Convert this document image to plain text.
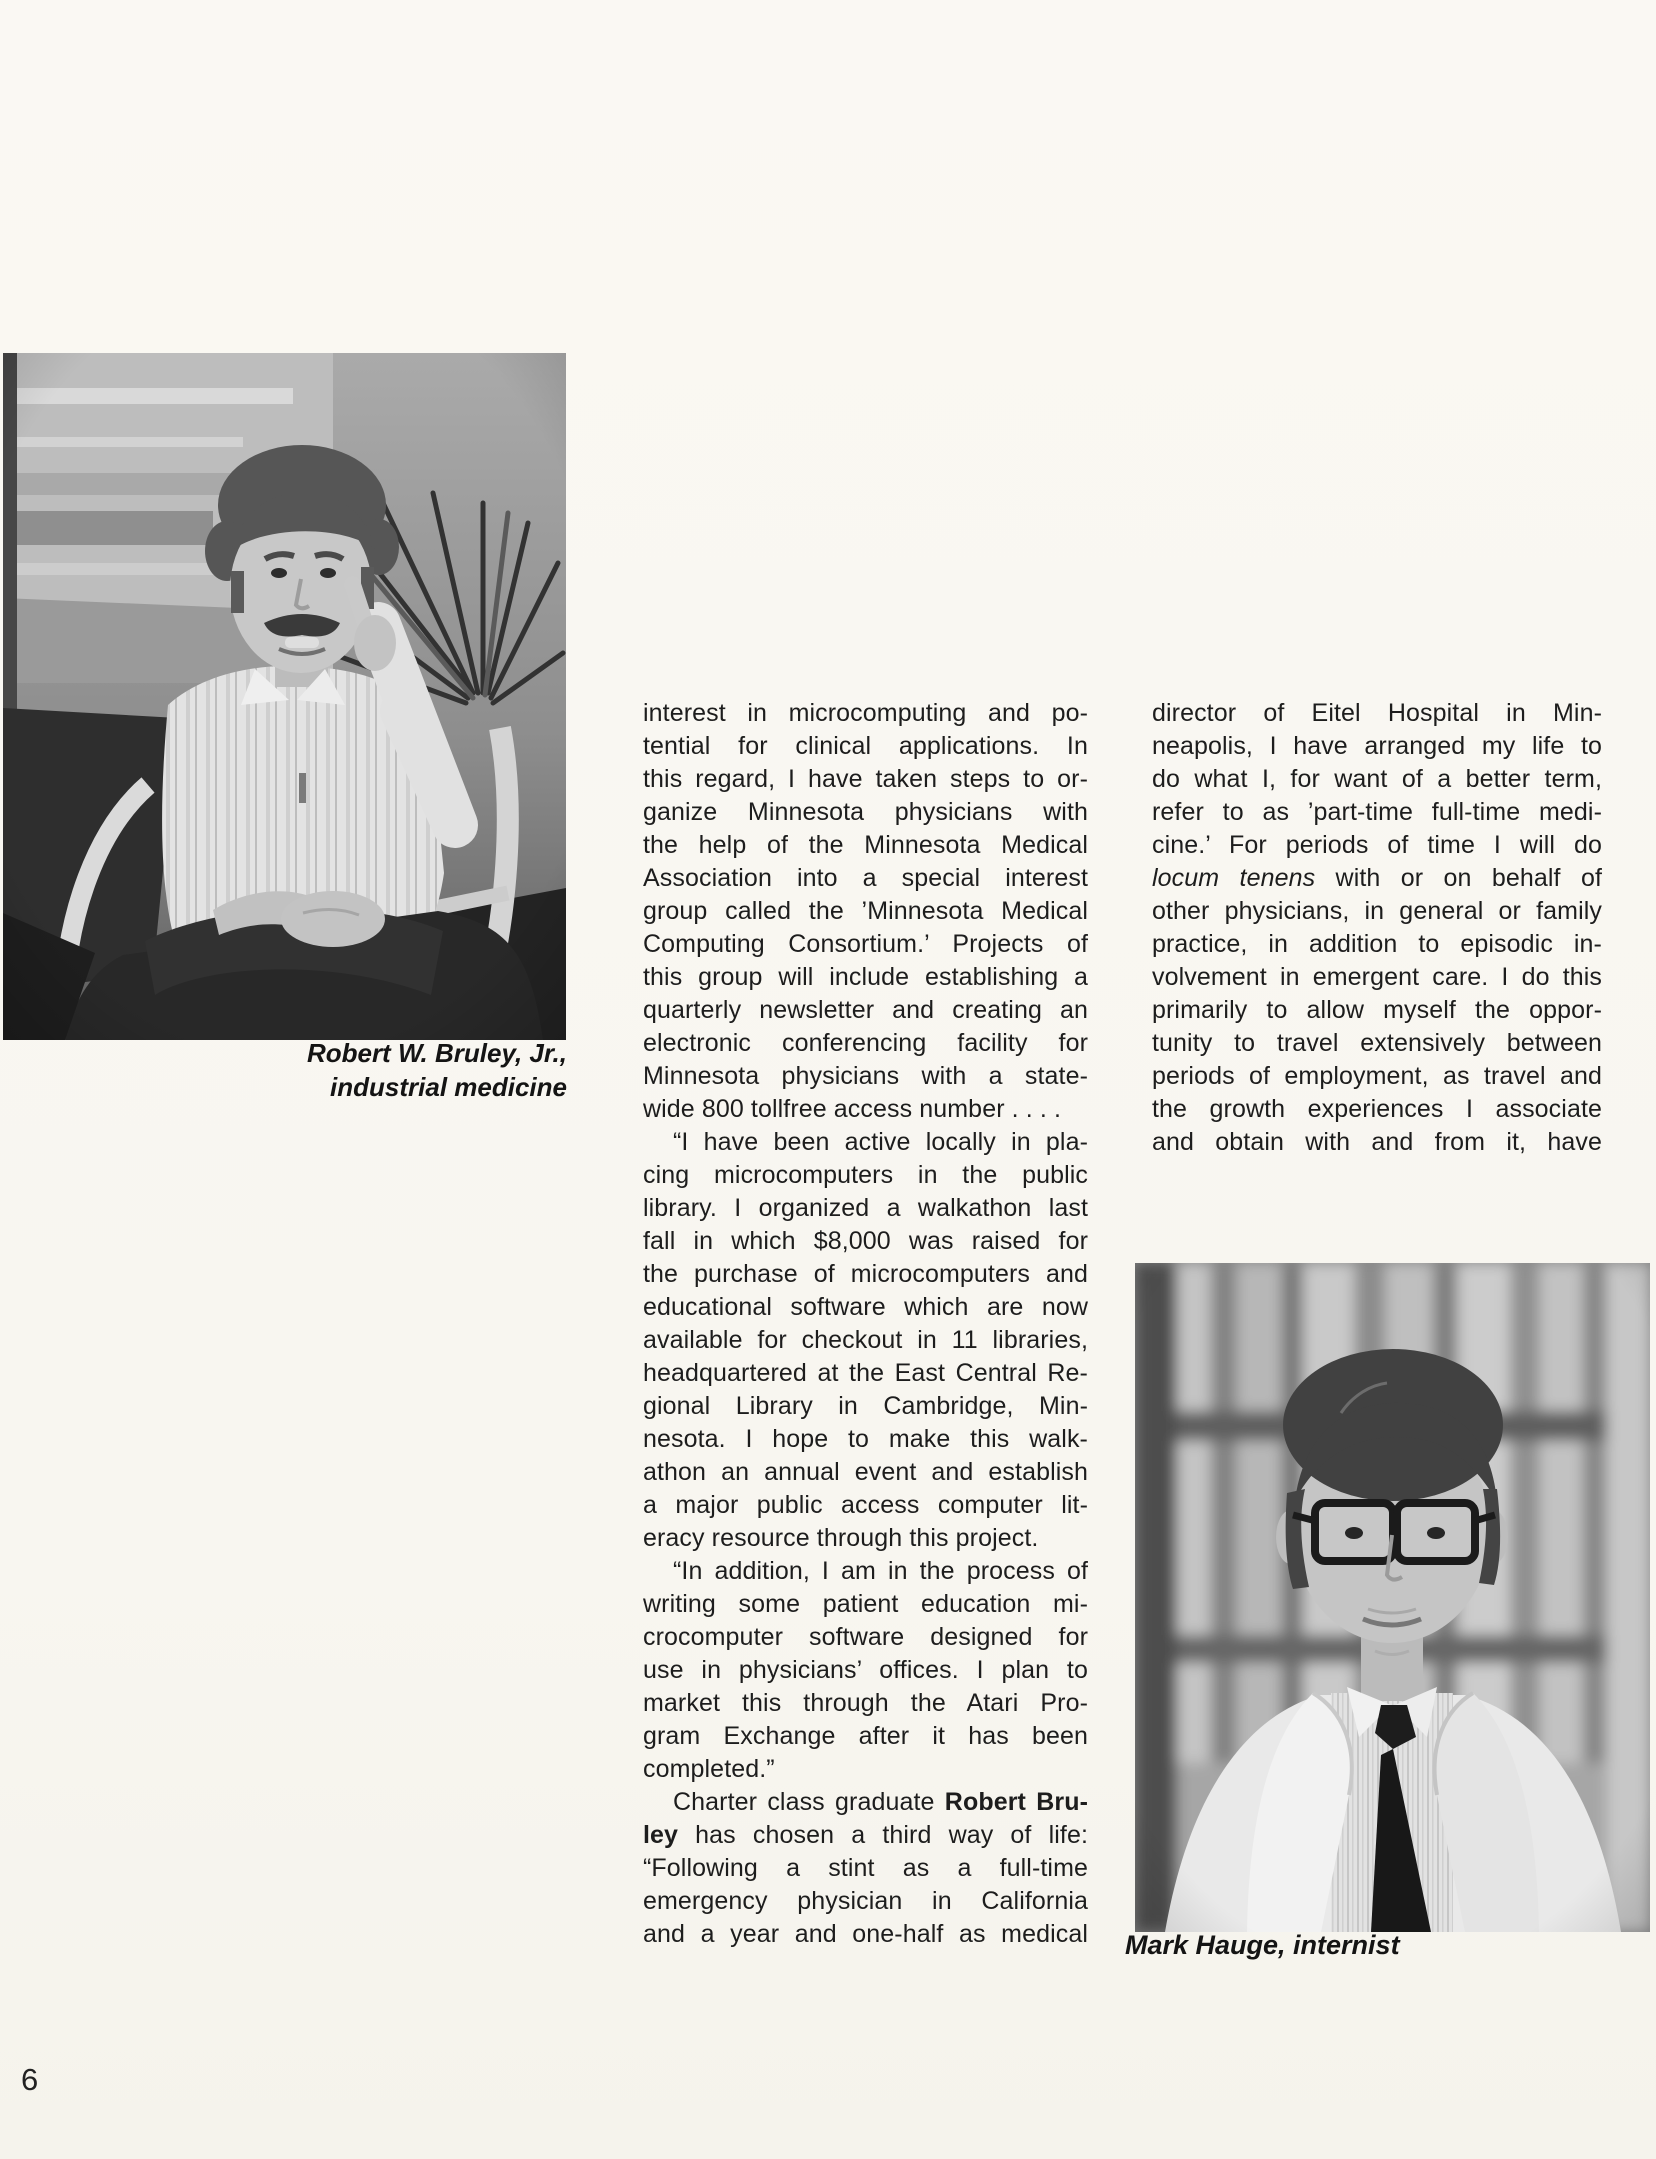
Robert W. Bruley, Jr.,
industrial medicine
interest in microcomputing and po-
tential for clinical applications. In
this regard, I have taken steps to or-
ganize Minnesota physicians with
the help of the Minnesota Medical
Association into a special interest
group called the ’Minnesota Medical
Computing Consortium.’ Projects of
this group will include establishing a
quarterly newsletter and creating an
electronic conferencing facility for
Minnesota physicians with a state-
wide 800 tollfree access number . . . .
“I have been active locally in pla-
cing microcomputers in the public
library. I organized a walkathon last
fall in which $8,000 was raised for
the purchase of microcomputers and
educational software which are now
available for checkout in 11 libraries,
headquartered at the East Central Re-
gional Library in Cambridge, Min-
nesota. I hope to make this walk-
athon an annual event and establish
a major public access computer lit-
eracy resource through this project.
“In addition, I am in the process of
writing some patient education mi-
crocomputer software designed for
use in physicians’ offices. I plan to
market this through the Atari Pro-
gram Exchange after it has been
completed.”
Charter class graduate Robert Bru-
ley has chosen a third way of life:
“Following a stint as a full-time
emergency physician in California
and a year and one-half as medical
director of Eitel Hospital in Min-
neapolis, I have arranged my life to
do what I, for want of a better term,
refer to as ’part-time full-time medi-
cine.’ For periods of time I will do
locum tenens with or on behalf of
other physicians, in general or family
practice, in addition to episodic in-
volvement in emergent care. I do this
primarily to allow myself the oppor-
tunity to travel extensively between
periods of employment, as travel and
the growth experiences I associate
and obtain with and from it, have
Mark Hauge, internist
6
